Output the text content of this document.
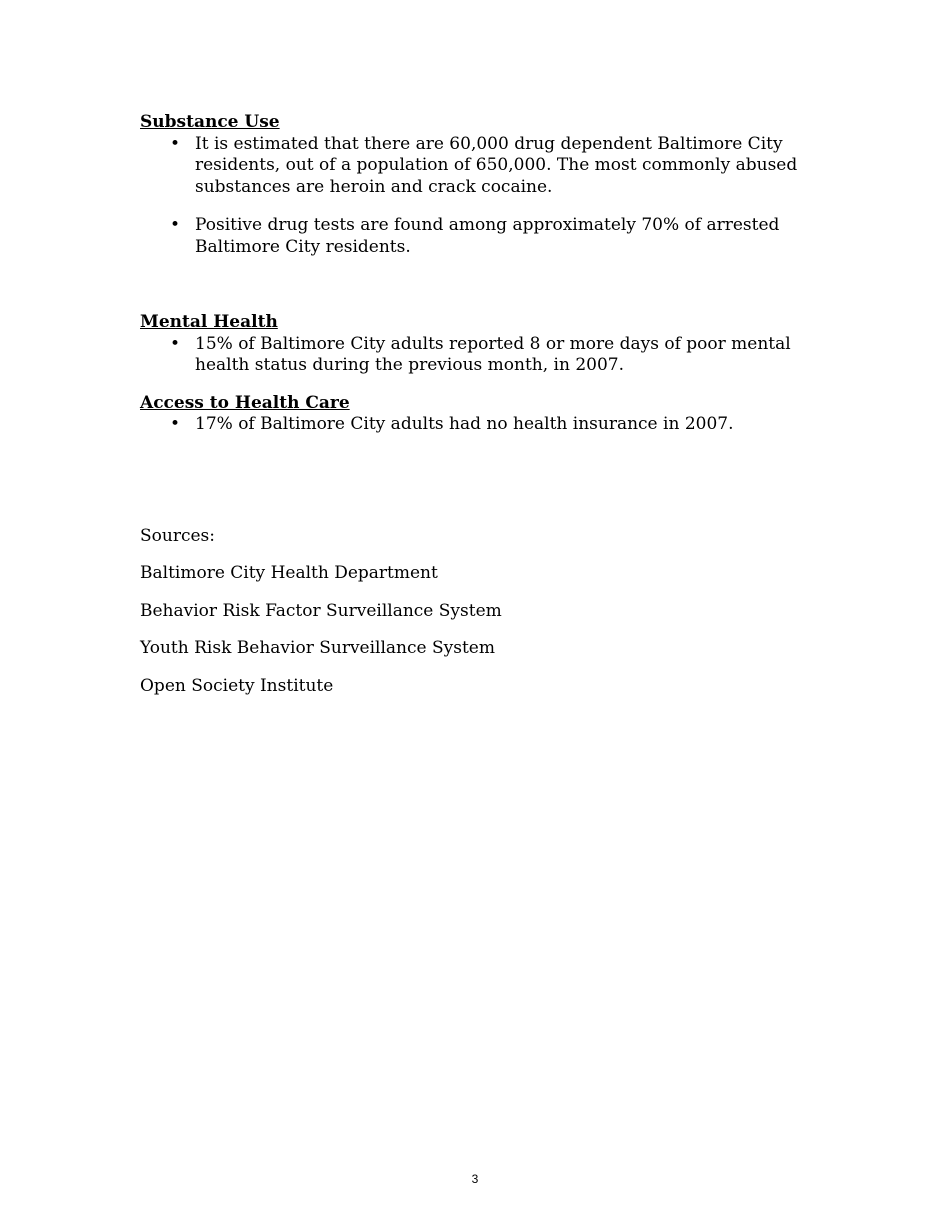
Substance Use

• It is estimated that there are 60,000 drug dependent Baltimore City residents, out of a population of 650,000. The most commonly abused substances are heroin and crack cocaine.
• Positive drug tests are found among approximately 70% of arrested Baltimore City residents.

Mental Health

• 15% of Baltimore City adults reported 8 or more days of poor mental health status during the previous month, in 2007.

Access to Health Care

• 17% of Baltimore City adults had no health insurance in 2007.

Sources:

Baltimore City Health Department

Behavior Risk Factor Surveillance System

Youth Risk Behavior Surveillance System

Open Society Institute

3
